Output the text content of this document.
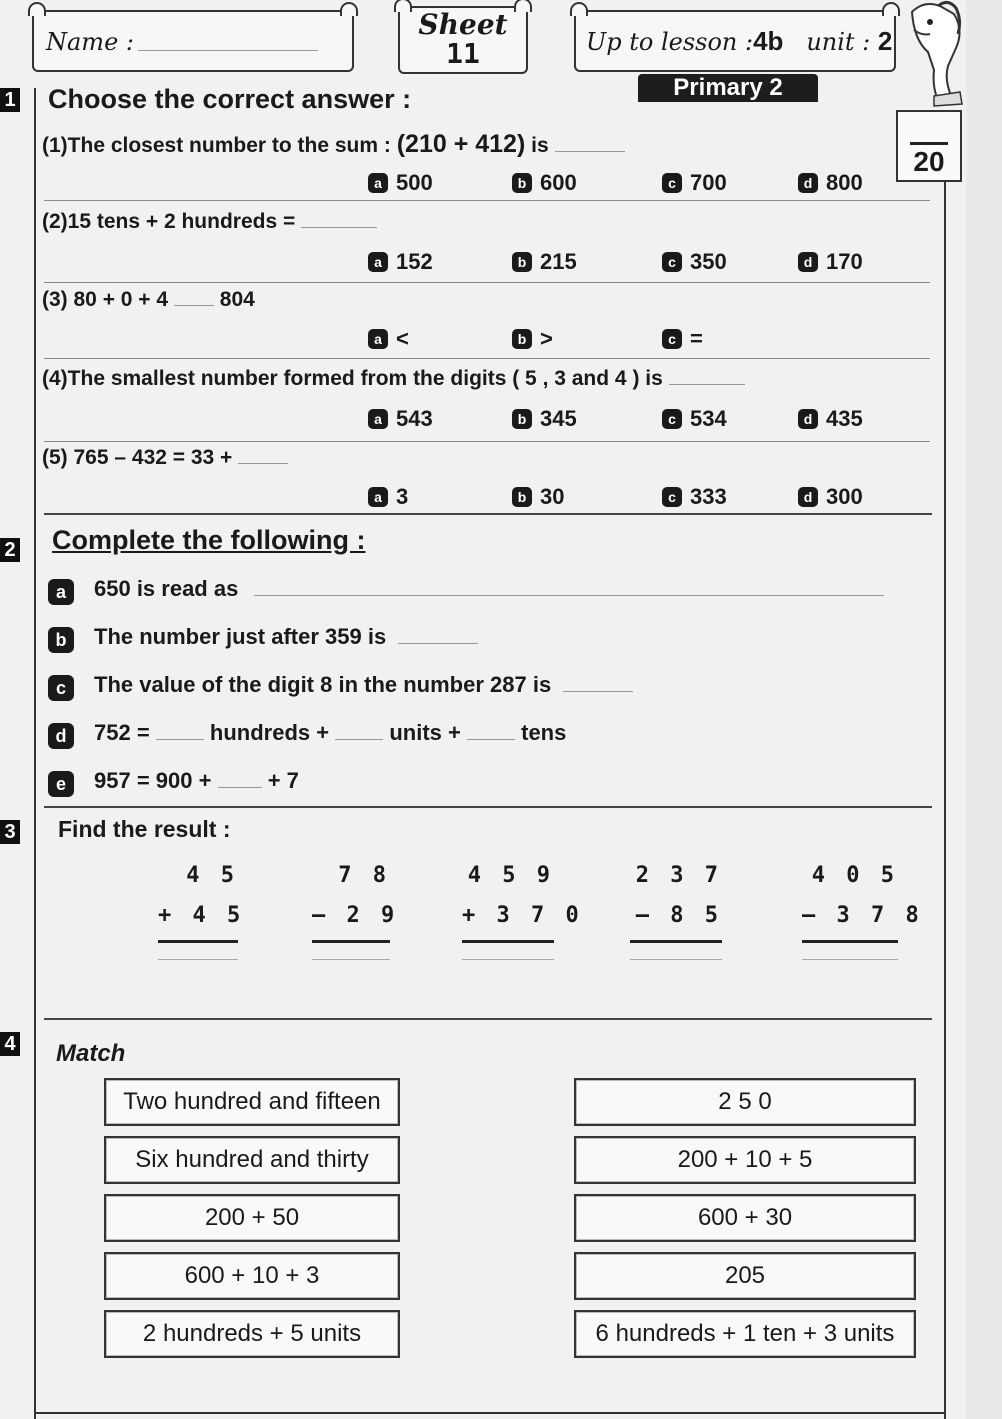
Name :
Sheet
11	Up to lesson :4b unit : 2
Primary 2
20
1 Choose the correct answer :
(1)The closest number to the sum : (210 + 412) is
a 500	b 600	c 700	d 800
(2)15 tens + 2 hundreds =
a 152	b 215	c 350	d 170
(3) 80 + 0 + 4 804
a <	b >	c =
(4)The smallest number formed from the digits ( 5 , 3 and 4 ) is
a 543	b 345	c 534	d 435
(5) 765 – 432 = 33 +
a 3	b 30	c 333	d 300
2 Complete the following :
a 650 is read as
b The number just after 359 is
c The value of the digit 8 in the number 287 is
d 752 =	hundreds +	units +	tens
e 957 = 900 +	+ 7
3 Find the result :
4 5
+ 4 5
7 8
– 2 9
4 5 9
+ 3 7 0
2 3 7
– 8 5
4 0 5
– 3 7 8
4 Match
Two hundred and fifteen
Six hundred and thirty
200 + 50
600 + 10 + 3
2 hundreds + 5 units
2 5 0
200 + 10 + 5
600 + 30
205
6 hundreds + 1 ten + 3 units
